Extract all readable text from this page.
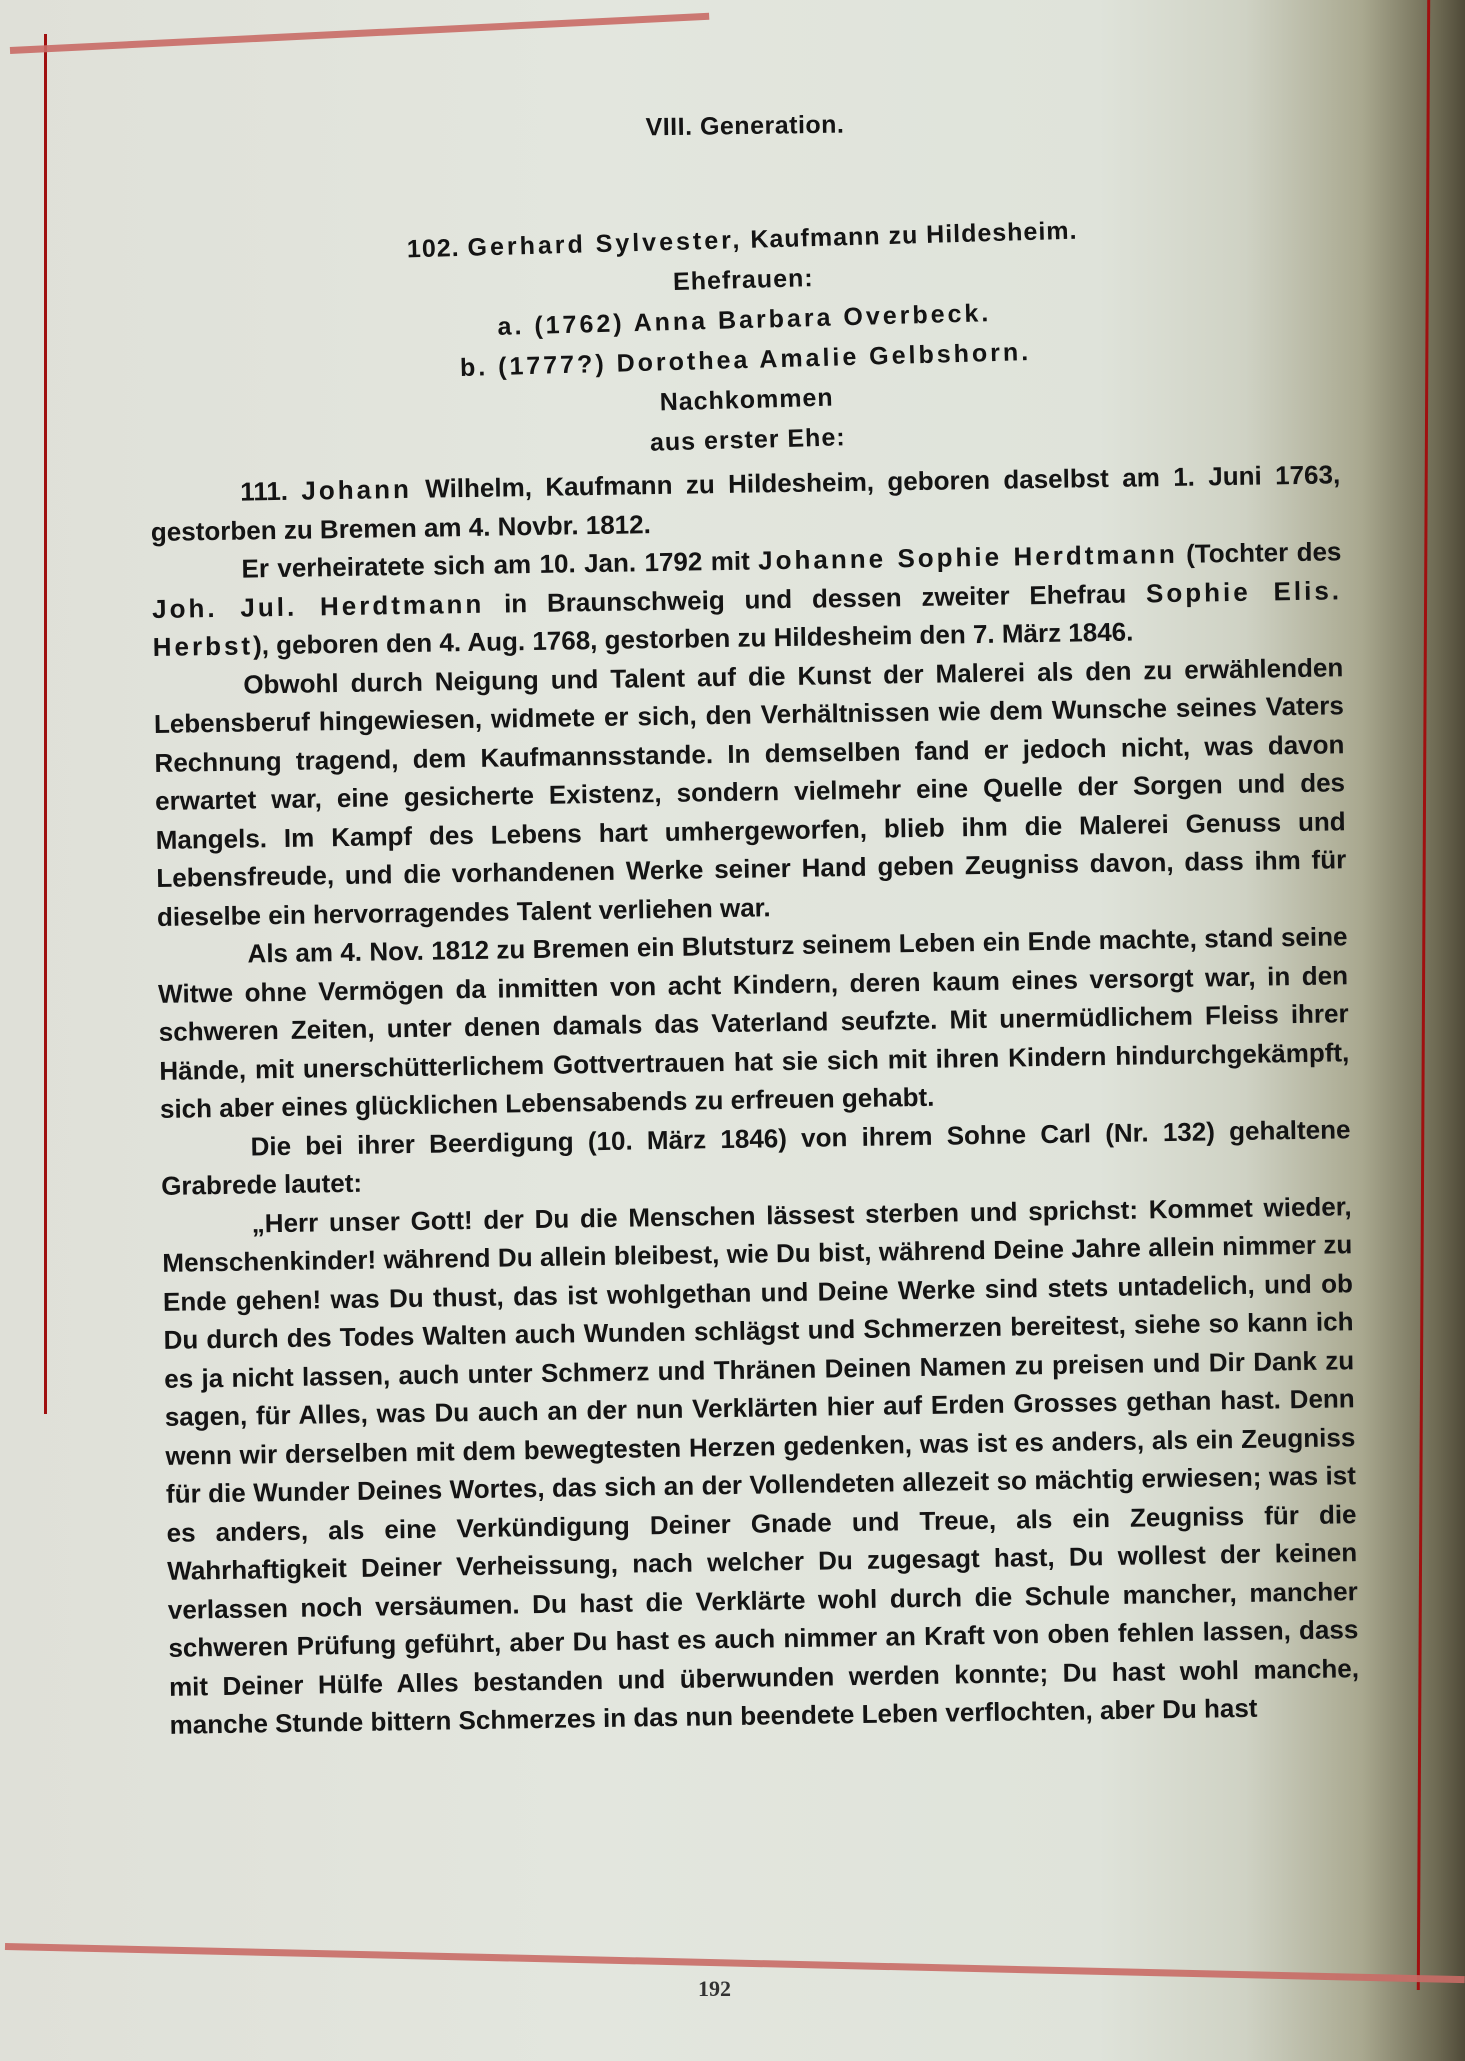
VIII. Generation.
102. Gerhard Sylvester, Kaufmann zu Hildesheim.
Ehefrauen:
a. (1762) Anna Barbara Overbeck.
b. (1777?) Dorothea Amalie Gelbshorn.
Nachkommen
aus erster Ehe:

111. Johann Wilhelm, Kaufmann zu Hildesheim, geboren daselbst am 1. Juni 1763, gestorben zu Bremen am 4. Novbr. 1812.

Er verheiratete sich am 10. Jan. 1792 mit Johanne Sophie Herdtmann (Tochter des Joh. Jul. Herdtmann in Braunschweig und dessen zweiter Ehefrau Sophie Elis. Herbst), geboren den 4. Aug. 1768, gestorben zu Hildesheim den 7. März 1846.

Obwohl durch Neigung und Talent auf die Kunst der Malerei als den zu erwählenden Lebensberuf hingewiesen, widmete er sich, den Verhältnissen wie dem Wunsche seines Vaters Rechnung tragend, dem Kaufmannsstande. In demselben fand er jedoch nicht, was davon erwartet war, eine gesicherte Existenz, sondern vielmehr eine Quelle der Sorgen und des Mangels. Im Kampf des Lebens hart umhergeworfen, blieb ihm die Malerei Genuss und Lebensfreude, und die vorhandenen Werke seiner Hand geben Zeugniss davon, dass ihm für dieselbe ein hervorragendes Talent verliehen war.

Als am 4. Nov. 1812 zu Bremen ein Blutsturz seinem Leben ein Ende machte, stand seine Witwe ohne Vermögen da inmitten von acht Kindern, deren kaum eines versorgt war, in den schweren Zeiten, unter denen damals das Vaterland seufzte. Mit unermüdlichem Fleiss ihrer Hände, mit unerschütterlichem Gottvertrauen hat sie sich mit ihren Kindern hindurchgekämpft, sich aber eines glücklichen Lebensabends zu erfreuen gehabt.

Die bei ihrer Beerdigung (10. März 1846) von ihrem Sohne Carl (Nr. 132) gehaltene Grabrede lautet:

„Herr unser Gott! der Du die Menschen lässest sterben und sprichst: Kommet wieder, Menschenkinder! während Du allein bleibest, wie Du bist, während Deine Jahre allein nimmer zu Ende gehen! was Du thust, das ist wohlgethan und Deine Werke sind stets untadelich, und ob Du durch des Todes Walten auch Wunden schlägst und Schmerzen bereitest, siehe so kann ich es ja nicht lassen, auch unter Schmerz und Thränen Deinen Namen zu preisen und Dir Dank zu sagen, für Alles, was Du auch an der nun Verklärten hier auf Erden Grosses gethan hast. Denn wenn wir derselben mit dem bewegtesten Herzen gedenken, was ist es anders, als ein Zeugniss für die Wunder Deines Wortes, das sich an der Vollendeten allezeit so mächtig erwiesen; was ist es anders, als eine Verkündigung Deiner Gnade und Treue, als ein Zeugniss für die Wahrhaftigkeit Deiner Verheissung, nach welcher Du zugesagt hast, Du wollest der keinen verlassen noch versäumen. Du hast die Verklärte wohl durch die Schule mancher, mancher schweren Prüfung geführt, aber Du hast es auch nimmer an Kraft von oben fehlen lassen, dass mit Deiner Hülfe Alles bestanden und überwunden werden konnte; Du hast wohl manche, manche Stunde bittern Schmerzes in das nun beendete Leben verflochten, aber Du hast

192
